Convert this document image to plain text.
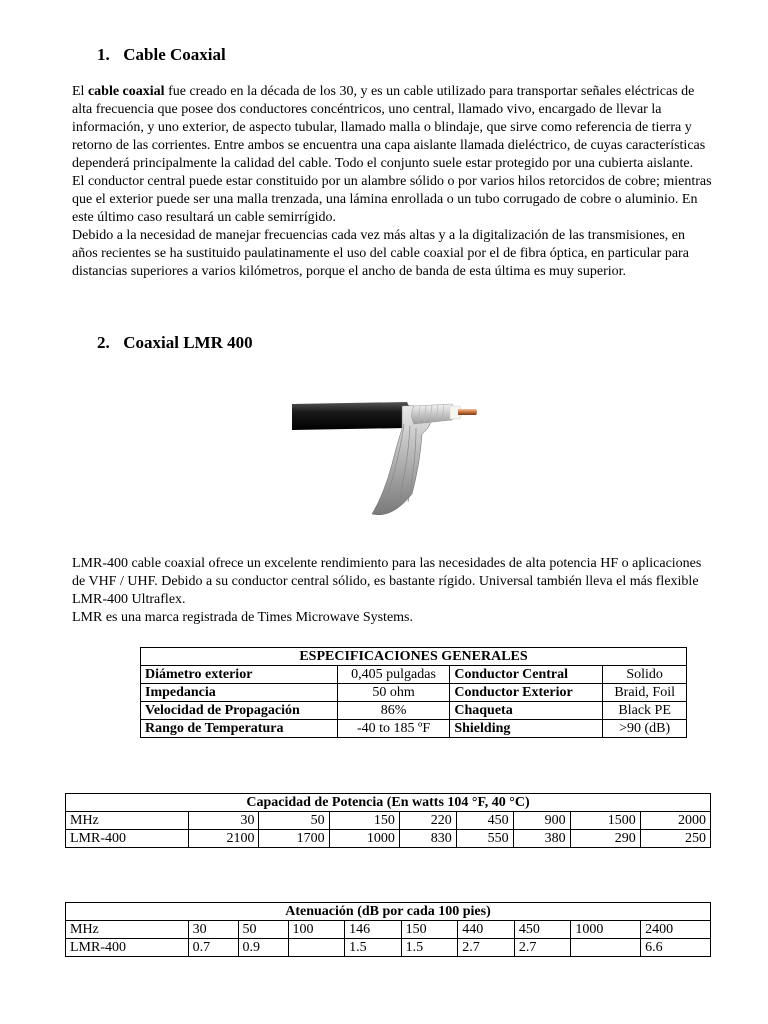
1. Cable Coaxial

El cable coaxial fue creado en la década de los 30, y es un cable utilizado para transportar señales eléctricas de alta frecuencia que posee dos conductores concéntricos, uno central, llamado vivo, encargado de llevar la información, y uno exterior, de aspecto tubular, llamado malla o blindaje, que sirve como referencia de tierra y retorno de las corrientes. Entre ambos se encuentra una capa aislante llamada dieléctrico, de cuyas características dependerá principalmente la calidad del cable. Todo el conjunto suele estar protegido por una cubierta aislante.

El conductor central puede estar constituido por un alambre sólido o por varios hilos retorcidos de cobre; mientras que el exterior puede ser una malla trenzada, una lámina enrollada o un tubo corrugado de cobre o aluminio. En este último caso resultará un cable semirrígido.

Debido a la necesidad de manejar frecuencias cada vez más altas y a la digitalización de las transmisiones, en años recientes se ha sustituido paulatinamente el uso del cable coaxial por el de fibra óptica, en particular para distancias superiores a varios kilómetros, porque el ancho de banda de esta última es muy superior.

2. Coaxial LMR 400

LMR-400 cable coaxial ofrece un excelente rendimiento para las necesidades de alta potencia HF o aplicaciones de VHF / UHF. Debido a su conductor central sólido, es bastante rígido. Universal también lleva el más flexible LMR-400 Ultraflex.

LMR es una marca registrada de Times Microwave Systems.

ESPECIFICACIONES GENERALES			
Diámetro exterior	0,405 pulgadas	Conductor Central	Solido
Impedancia	50 ohm	Conductor Exterior	Braid, Foil
Velocidad de Propagación	86%	Chaqueta	Black PE
Rango de Temperatura	-40 to 185 ºF	Shielding	>90 (dB)
Capacidad de Potencia (En watts 104 °F, 40 °C)								
MHz	30	50	150	220	450	900	1500	2000
LMR-400	2100	1700	1000	830	550	380	290	250
Atenuación (dB por cada 100 pies)									
MHz	30	50	100	146	150	440	450	1000	2400
LMR-400	0.7	0.9		1.5	1.5	2.7	2.7		6.6
